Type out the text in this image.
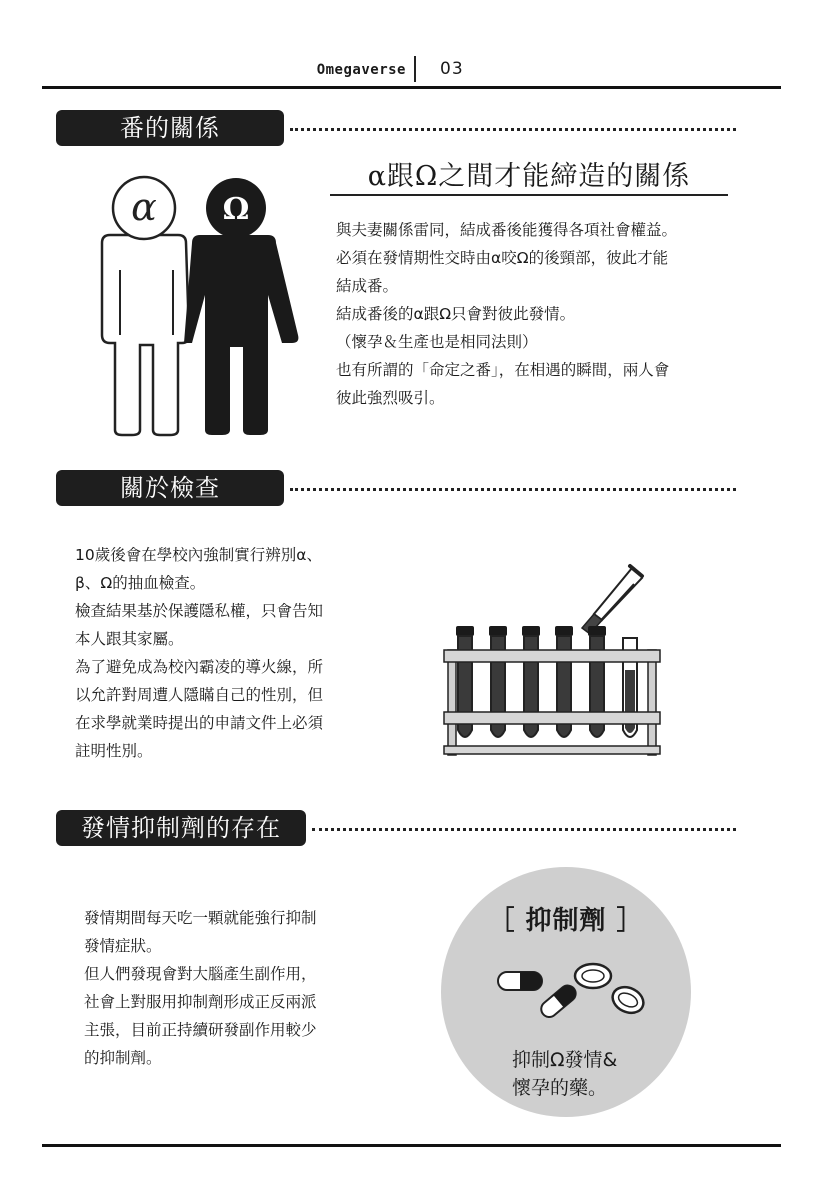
Omegaverse 03
番的關係
α Ω
α跟Ω之間才能締造的關係
與夫妻關係雷同，結成番後能獲得各項社會權益。
必須在發情期性交時由α咬Ω的後頸部，彼此才能
結成番。
結成番後的α跟Ω只會對彼此發情。
（懷孕＆生產也是相同法則）
也有所謂的「命定之番」，在相遇的瞬間，兩人會
彼此強烈吸引。
關於檢查
10歲後會在學校內強制實行辨別α、
β、Ω的抽血檢查。
檢查結果基於保護隱私權，只會告知
本人跟其家屬。
為了避免成為校內霸凌的導火線，所
以允許對周遭人隱瞞自己的性別，但
在求學就業時提出的申請文件上必須
註明性別。
發情抑制劑的存在
發情期間每天吃一顆就能強行抑制
發情症狀。
但人們發現會對大腦產生副作用，
社會上對服用抑制劑形成正反兩派
主張，目前正持續研發副作用較少
的抑制劑。
［ 抑制劑 ］
抑制Ω發情&
懷孕的藥。
